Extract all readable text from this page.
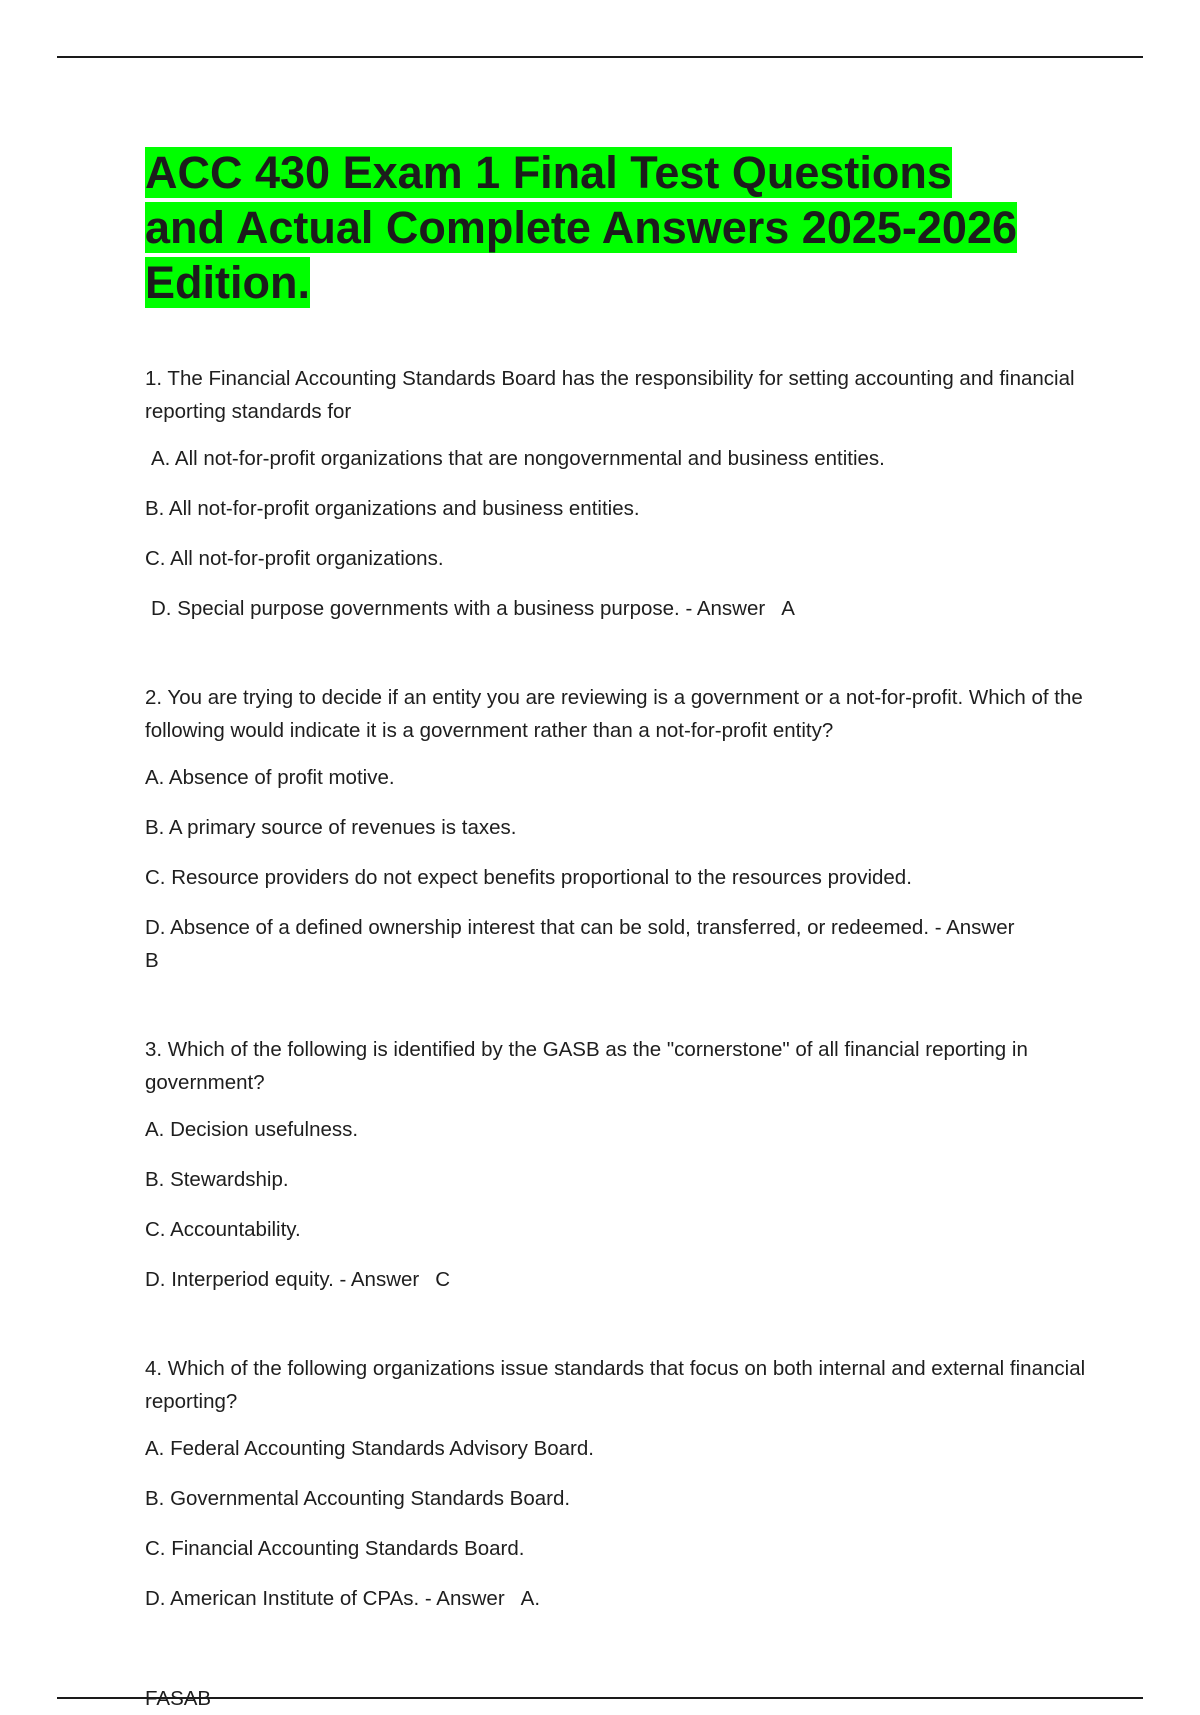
ACC 430 Exam 1 Final Test Questions and Actual Complete Answers 2025-2026 Edition.

1. The Financial Accounting Standards Board has the responsibility for setting accounting and financial reporting standards for

A. All not-for-profit organizations that are nongovernmental and business entities.

B. All not-for-profit organizations and business entities.

C. All not-for-profit organizations.

D. Special purpose governments with a business purpose. - Answer A

2. You are trying to decide if an entity you are reviewing is a government or a not-for-profit. Which of the following would indicate it is a government rather than a not-for-profit entity?

A. Absence of profit motive.

B. A primary source of revenues is taxes.

C. Resource providers do not expect benefits proportional to the resources provided.

D. Absence of a defined ownership interest that can be sold, transferred, or redeemed. - Answer
B

3. Which of the following is identified by the GASB as the "cornerstone" of all financial reporting in government?

A. Decision usefulness.

B. Stewardship.

C. Accountability.

D. Interperiod equity. - Answer C

4. Which of the following organizations issue standards that focus on both internal and external financial reporting?

A. Federal Accounting Standards Advisory Board.

B. Governmental Accounting Standards Board.

C. Financial Accounting Standards Board.

D. American Institute of CPAs. - Answer A.

FASAB
